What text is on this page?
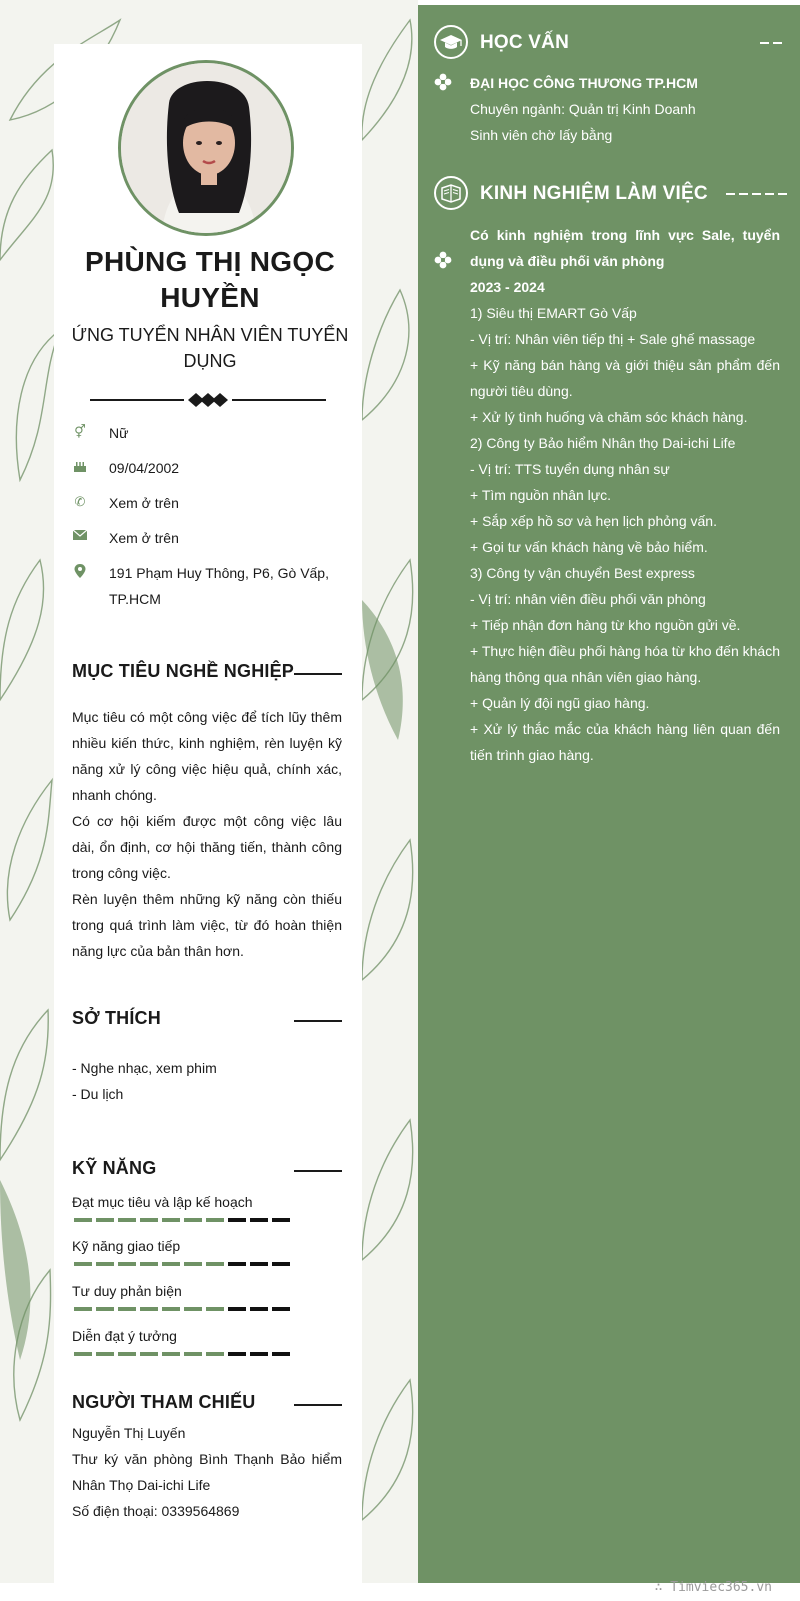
PHÙNG THỊ NGỌC HUYỀN
ỨNG TUYỂN NHÂN VIÊN TUYỂN DỤNG
⚥ Nữ
09/04/2002
✆ Xem ở trên
Xem ở trên
191 Phạm Huy Thông, P6, Gò Vấp, TP.HCM
MỤC TIÊU NGHỀ NGHIỆP

Mục tiêu có một công việc để tích lũy thêm nhiều kiến thức, kinh nghiệm, rèn luyện kỹ năng xử lý công việc hiệu quả, chính xác, nhanh chóng.

Có cơ hội kiếm được một công việc lâu dài, ổn định, cơ hội thăng tiến, thành công trong công việc.

Rèn luyện thêm những kỹ năng còn thiếu trong quá trình làm việc, từ đó hoàn thiện năng lực của bản thân hơn.

SỞ THÍCH

- Nghe nhạc, xem phim

- Du lịch

KỸ NĂNG
Đạt mục tiêu và lập kế hoạch
Kỹ năng giao tiếp
Tư duy phản biện
Diễn đạt ý tưởng
NGƯỜI THAM CHIẾU

Nguyễn Thị Luyến

Thư ký văn phòng Bình Thạnh Bảo hiểm Nhân Thọ Dai-ichi Life

Số điện thoại: 0339564869

HỌC VẤN

ĐẠI HỌC CÔNG THƯƠNG TP.HCM

Chuyên ngành: Quản trị Kinh Doanh

Sinh viên chờ lấy bằng

KINH NGHIỆM LÀM VIỆC

Có kinh nghiệm trong lĩnh vực Sale, tuyển dụng và điều phối văn phòng

2023 - 2024

1) Siêu thị EMART Gò Vấp

- Vị trí: Nhân viên tiếp thị + Sale ghế massage

+ Kỹ năng bán hàng và giới thiệu sản phẩm đến người tiêu dùng.

+ Xử lý tình huống và chăm sóc khách hàng.

2) Công ty Bảo hiểm Nhân thọ Dai-ichi Life

- Vị trí: TTS tuyển dụng nhân sự

+ Tìm nguồn nhân lực.

+ Sắp xếp hồ sơ và hẹn lịch phỏng vấn.

+ Gọi tư vấn khách hàng về bảo hiểm.

3) Công ty vận chuyển Best express

- Vị trí: nhân viên điều phối văn phòng

+ Tiếp nhận đơn hàng từ kho nguồn gửi về.

+ Thực hiện điều phối hàng hóa từ kho đến khách hàng thông qua nhân viên giao hàng.

+ Quản lý đội ngũ giao hàng.

+ Xử lý thắc mắc của khách hàng liên quan đến tiến trình giao hàng.

∴ Timviec365.vn
